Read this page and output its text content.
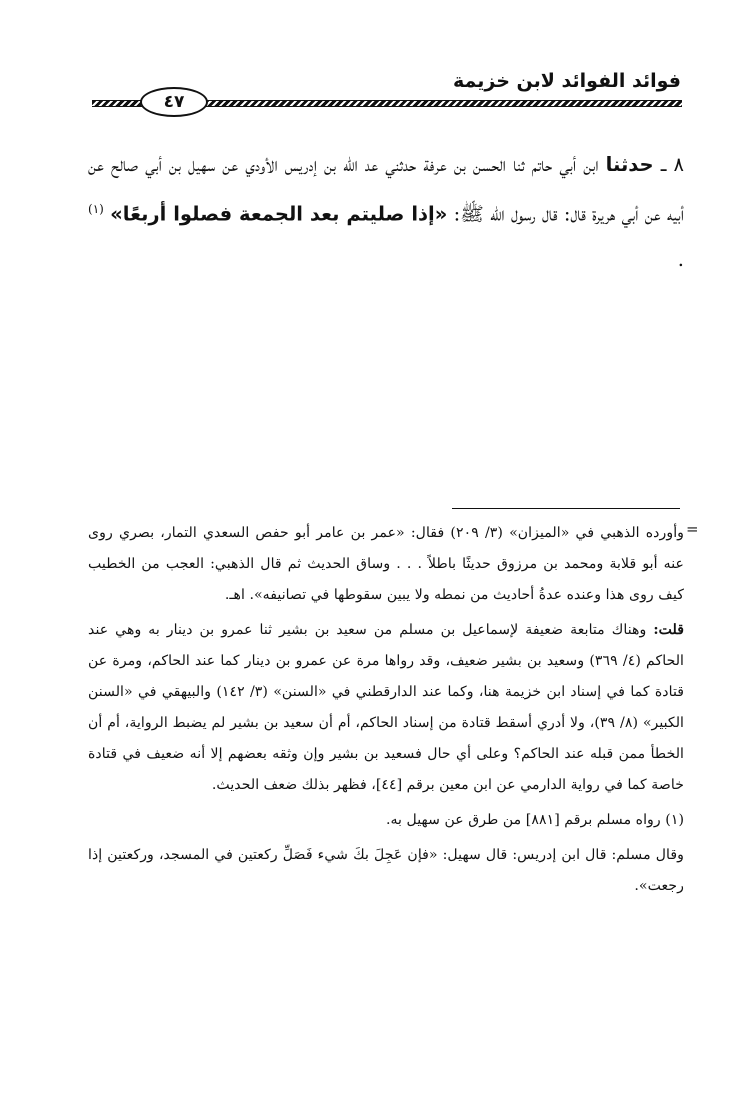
فوائد الفوائد لابن خزيمة
٤٧
٨ ـ حدثنا ابن أبي حاتم ثنا الحسن بن عرفة حدثني عد الله بن إدريس الأودي عن سهيل بن أبي صالح عن أبيه عن أبي هريرة قال: قال رسول الله ﷺ: «إذا صليتم بعد الجمعة فصلوا أربعًا» $^{(١)}$ .
=

وأورده الذهبي في «الميزان» (٣/ ٢٠٩) فقال: «عمر بن عامر أبو حفص السعدي التمار، بصري روى عنه أبو قلابة ومحمد بن مرزوق حديثًا باطلاً . . . وساق الحديث ثم قال الذهبي: العجب من الخطيب كيف روى هذا وعنده عدةُ أحاديث من نمطه ولا يبين سقوطها في تصانيفه». اهـ.

قلت: وهناك متابعة ضعيفة لإسماعيل بن مسلم من سعيد بن بشير ثنا عمرو بن دينار به وهي عند الحاكم (٤/ ٣٦٩) وسعيد بن بشير ضعيف، وقد رواها مرة عن عمرو بن دينار كما عند الحاكم، ومرة عن قتادة كما في إسناد ابن خزيمة هنا، وكما عند الدارقطني في «السنن» (٣/ ١٤٢) والبيهقي في «السنن الكبير» (٨/ ٣٩)، ولا أدري أسقط قتادة من إسناد الحاكم، أم أن سعيد بن بشير لم يضبط الرواية، أم أن الخطأ ممن قبله عند الحاكم؟ وعلى أي حال فسعيد بن بشير وإن وثقه بعضهم إلا أنه ضعيف في قتادة خاصة كما في رواية الدارمي عن ابن معين برقم [٤٤]، فظهر بذلك ضعف الحديث.

(١) رواه مسلم برقم [٨٨١] من طرق عن سهيل به.

وقال مسلم: قال ابن إدريس: قال سهيل: «فإن عَجِلَ بكَ شيء فَصَلِّ ركعتين في المسجد، وركعتين إذا رجعت».
